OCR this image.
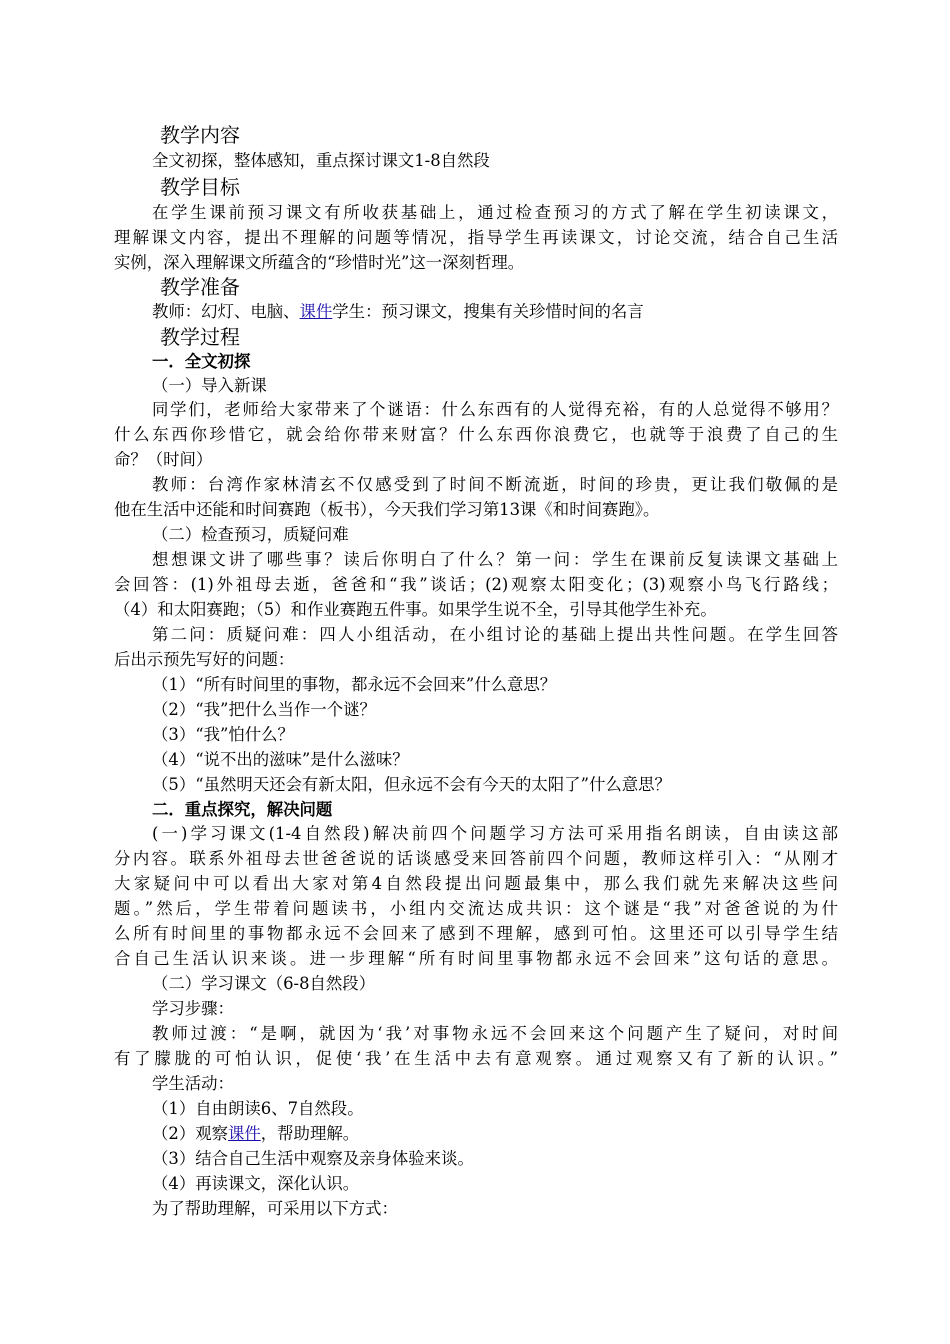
教学内容
全文初探，整体感知，重点探讨课文1-8自然段
教学目标
在学生课前预习课文有所收获基础上，通过检查预习的方式了解在学生初读课文，
理解课文内容，提出不理解的问题等情况，指导学生再读课文，讨论交流，结合自己生活
实例，深入理解课文所蕴含的“珍惜时光”这一深刻哲理。
教学准备
教师：幻灯、电脑、课件学生：预习课文，搜集有关珍惜时间的名言
教学过程
一．全文初探
（一）导入新课
同学们，老师给大家带来了个谜语：什么东西有的人觉得充裕，有的人总觉得不够用？
什么东西你珍惜它，就会给你带来财富？什么东西你浪费它，也就等于浪费了自己的生
命？（时间）
教师：台湾作家林清玄不仅感受到了时间不断流逝，时间的珍贵，更让我们敬佩的是
他在生活中还能和时间赛跑（板书），今天我们学习第13课《和时间赛跑》。
（二）检查预习，质疑问难
想想课文讲了哪些事？读后你明白了什么？第一问：学生在课前反复读课文基础上
会回答：(1)外祖母去逝，爸爸和“我”谈话；(2)观察太阳变化；(3)观察小鸟飞行路线；
（4）和太阳赛跑；（5）和作业赛跑五件事。如果学生说不全，引导其他学生补充。
第二问：质疑问难：四人小组活动，在小组讨论的基础上提出共性问题。在学生回答
后出示预先写好的问题：
（1）“所有时间里的事物，都永远不会回来”什么意思？
（2）“我”把什么当作一个谜？
（3）“我”怕什么？
（4）“说不出的滋味”是什么滋味？
（5）“虽然明天还会有新太阳，但永远不会有今天的太阳了”什么意思？
二．重点探究，解决问题
(一)学习课文(1-4自然段)解决前四个问题学习方法可采用指名朗读，自由读这部
分内容。联系外祖母去世爸爸说的话谈感受来回答前四个问题，教师这样引入：“从刚才
大家疑问中可以看出大家对第4自然段提出问题最集中，那么我们就先来解决这些问
题。”然后，学生带着问题读书，小组内交流达成共识：这个谜是“我”对爸爸说的为什
么所有时间里的事物都永远不会回来了感到不理解，感到可怕。这里还可以引导学生结
合自己生活认识来谈。进一步理解“所有时间里事物都永远不会回来”这句话的意思。
（二）学习课文（6-8自然段）
学习步骤：
教师过渡：“是啊，就因为‘我’对事物永远不会回来这个问题产生了疑问，对时间
有了朦胧的可怕认识，促使‘我’在生活中去有意观察。通过观察又有了新的认识。”
学生活动：
（1）自由朗读6、7自然段。
（2）观察课件，帮助理解。
（3）结合自己生活中观察及亲身体验来谈。
（4）再读课文，深化认识。
为了帮助理解，可采用以下方式：
